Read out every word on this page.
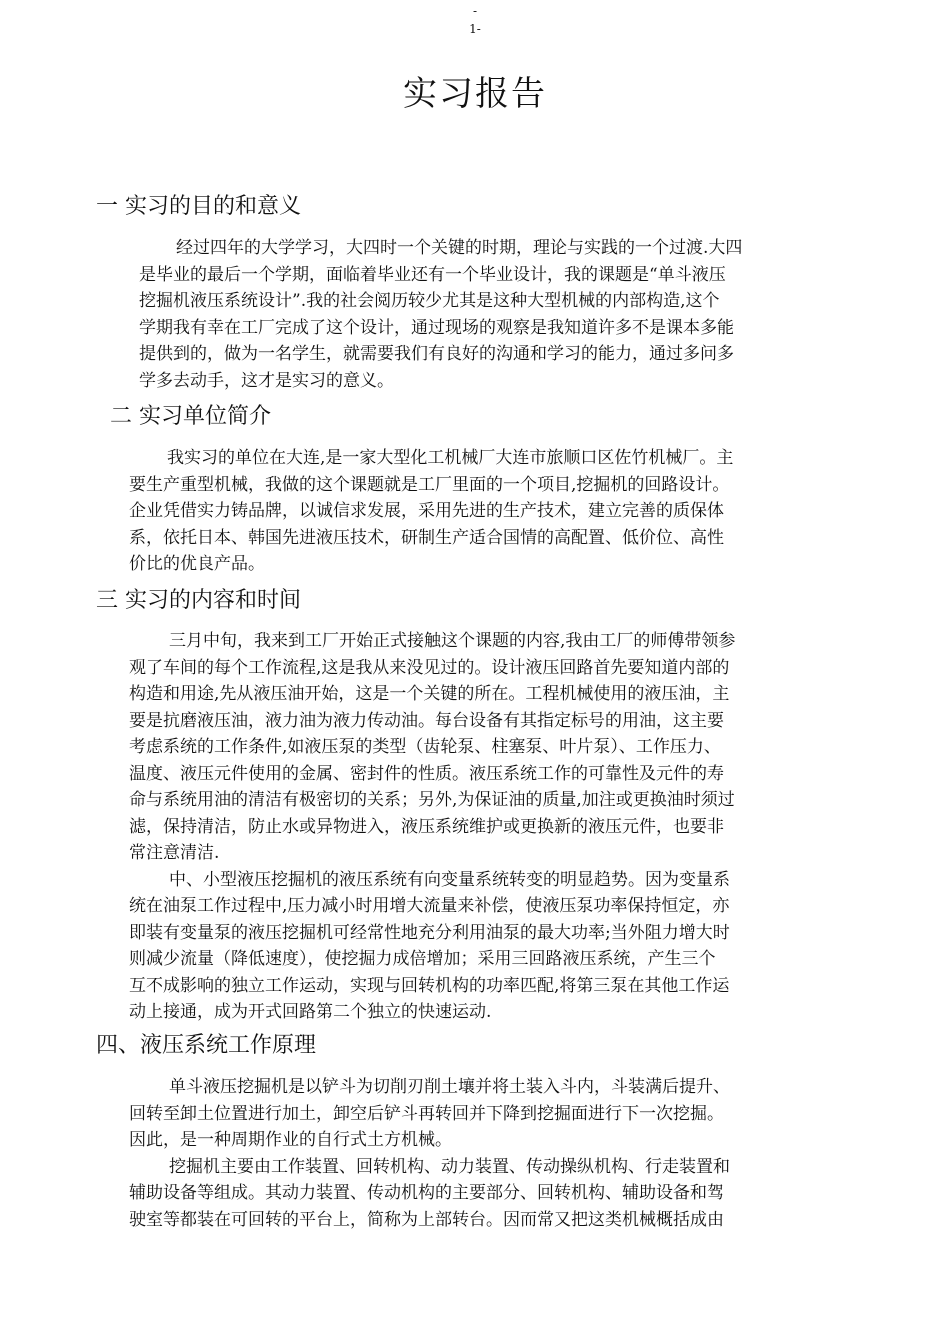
-
1-
实习报告
一 实习的目的和意义
经过四年的大学学习，大四时一个关键的时期，理论与实践的一个过渡.大四
是毕业的最后一个学期，面临着毕业还有一个毕业设计，我的课题是“单斗液压
挖掘机液压系统设计”.我的社会阅历较少尤其是这种大型机械的内部构造,这个
学期我有幸在工厂完成了这个设计，通过现场的观察是我知道许多不是课本多能
提供到的，做为一名学生，就需要我们有良好的沟通和学习的能力，通过多问多
学多去动手，这才是实习的意义。
二 实习单位简介
我实习的单位在大连,是一家大型化工机械厂大连市旅顺口区佐竹机械厂。主
要生产重型机械，我做的这个课题就是工厂里面的一个项目,挖掘机的回路设计。
企业凭借实力铸品牌，以诚信求发展，采用先进的生产技术，建立完善的质保体
系，依托日本、韩国先进液压技术，研制生产适合国情的高配置、低价位、高性
价比的优良产品。
三 实习的内容和时间
三月中旬，我来到工厂开始正式接触这个课题的内容,我由工厂的师傅带领参
观了车间的每个工作流程,这是我从来没见过的。设计液压回路首先要知道内部的
构造和用途,先从液压油开始，这是一个关键的所在。工程机械使用的液压油，主
要是抗磨液压油，液力油为液力传动油。每台设备有其指定标号的用油，这主要
考虑系统的工作条件,如液压泵的类型（齿轮泵、柱塞泵、叶片泵）、工作压力、
温度、液压元件使用的金属、密封件的性质。液压系统工作的可靠性及元件的寿
命与系统用油的清洁有极密切的关系；另外,为保证油的质量,加注或更换油时须过
滤，保持清洁，防止水或异物进入，液压系统维护或更换新的液压元件，也要非
常注意清洁.
中、小型液压挖掘机的液压系统有向变量系统转变的明显趋势。因为变量系
统在油泵工作过程中,压力减小时用增大流量来补偿，使液压泵功率保持恒定，亦
即装有变量泵的液压挖掘机可经常性地充分利用油泵的最大功率;当外阻力增大时
则减少流量（降低速度），使挖掘力成倍增加；采用三回路液压系统，产生三个
互不成影响的独立工作运动，实现与回转机构的功率匹配,将第三泵在其他工作运
动上接通，成为开式回路第二个独立的快速运动.
四、液压系统工作原理
单斗液压挖掘机是以铲斗为切削刃削土壤并将土装入斗内，斗装满后提升、
回转至卸土位置进行加土，卸空后铲斗再转回并下降到挖掘面进行下一次挖掘。
因此，是一种周期作业的自行式土方机械。
挖掘机主要由工作装置、回转机构、动力装置、传动操纵机构、行走装置和
辅助设备等组成。其动力装置、传动机构的主要部分、回转机构、辅助设备和驾
驶室等都装在可回转的平台上，简称为上部转台。因而常又把这类机械概括成由
